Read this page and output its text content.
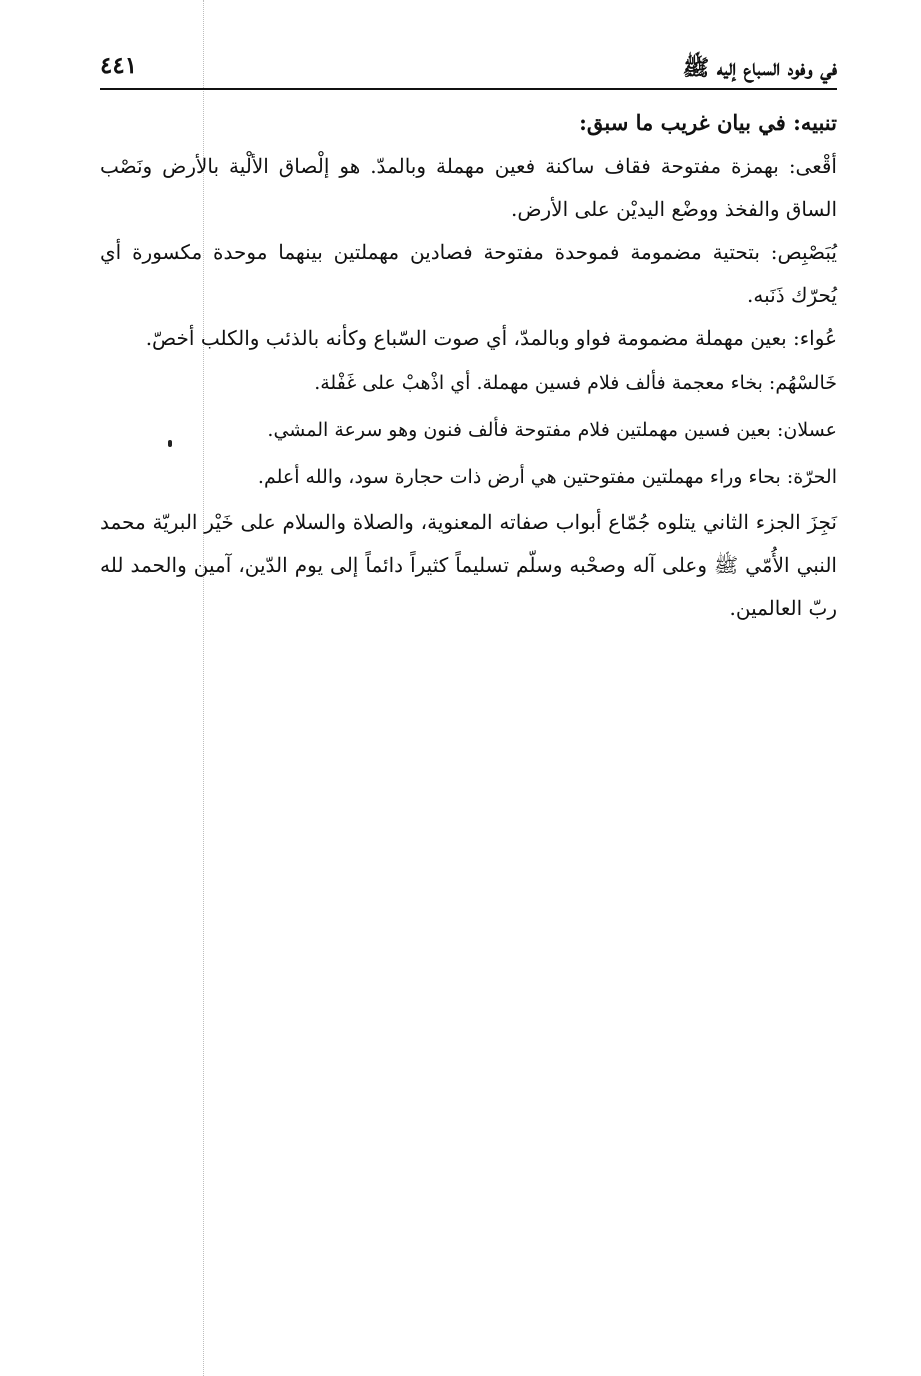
في وفود السباع إليه ﷺ
٤٤١

تنبيه: في بيان غريب ما سبق:

أقْعى: بهمزة مفتوحة فقاف ساكنة فعين مهملة وبالمدّ. هو إلْصاق الألْية بالأرض ونَصْب الساق والفخذ ووضْع اليديْن على الأرض.

يُبَصْبِص: بتحتية مضمومة فموحدة مفتوحة فصادين مهملتين بينهما موحدة مكسورة أي يُحرّك ذَنَبه.

عُواء: بعين مهملة مضمومة فواو وبالمدّ، أي صوت السّباع وكأنه بالذئب والكلب أخصّ.

خَالسْهُم: بخاء معجمة فألف فلام فسين مهملة. أي اذْهبْ على غَفْلة.

عسلان: بعين فسين مهملتين فلام مفتوحة فألف فنون وهو سرعة المشي.

الحرّة: بحاء وراء مهملتين مفتوحتين هي أرض ذات حجارة سود، والله أعلم.

نَجِزَ الجزء الثاني يتلوه جُمّاع أبواب صفاته المعنوية، والصلاة والسلام على خَيْر البريّة محمد النبي الأُمّي ﷺ وعلى آله وصحْبه وسلّم تسليماً كثيراً دائماً إلى يوم الدّين، آمين والحمد لله ربّ العالمين.
